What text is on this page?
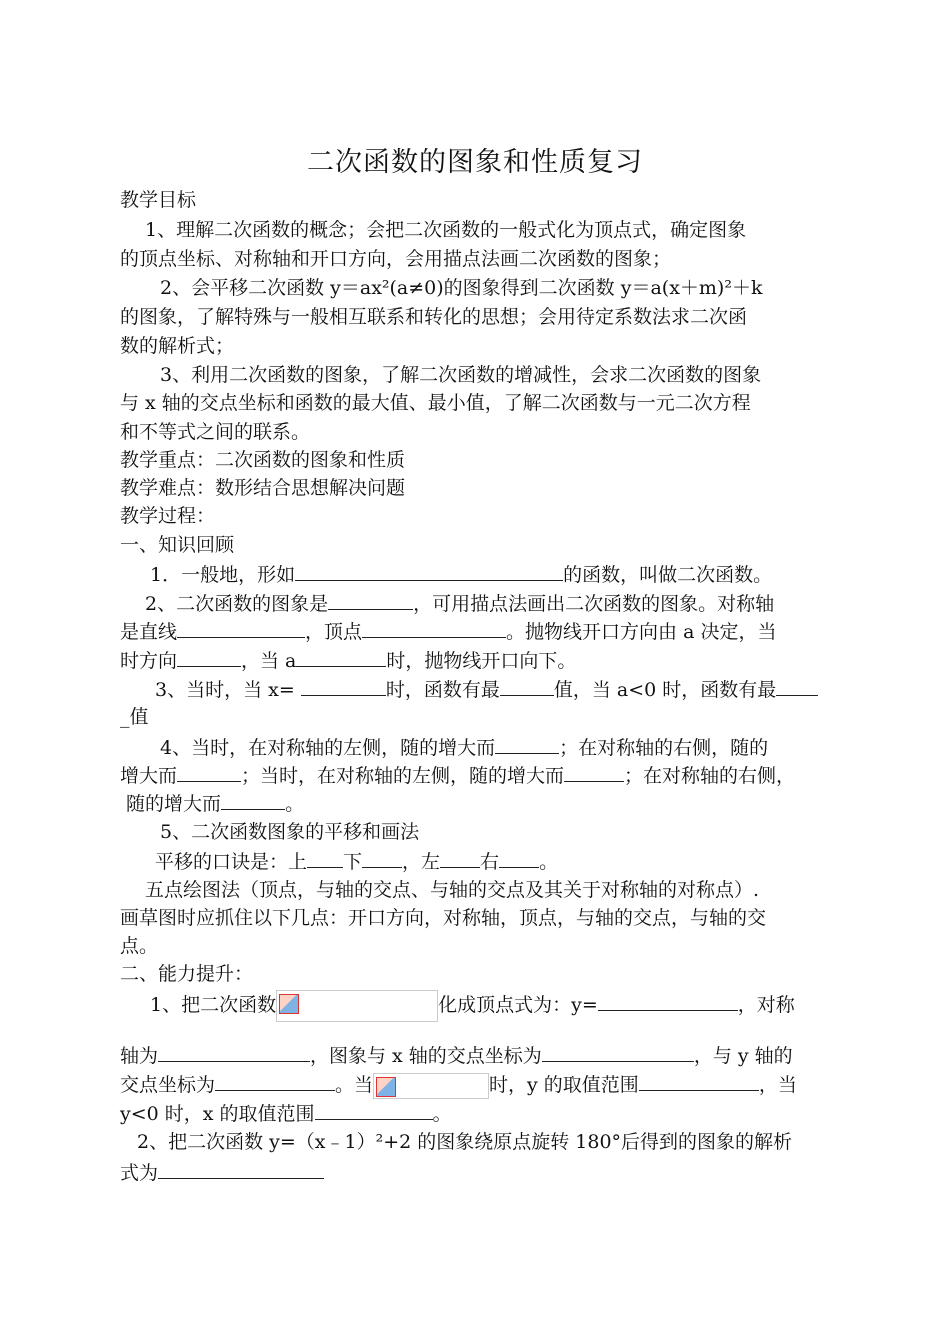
二次函数的图象和性质复习
教学目标
1、理解二次函数的概念；会把二次函数的一般式化为顶点式，确定图象
的顶点坐标、对称轴和开口方向，会用描点法画二次函数的图象；
2、会平移二次函数 y＝ax²(a≠0)的图象得到二次函数 y＝a(x＋m)²＋k
的图象，了解特殊与一般相互联系和转化的思想；会用待定系数法求二次函
数的解析式；
3、利用二次函数的图象，了解二次函数的增减性，会求二次函数的图象
与 x 轴的交点坐标和函数的最大值、最小值，了解二次函数与一元二次方程
和不等式之间的联系。
教学重点：二次函数的图象和性质
教学难点：数形结合思想解决问题
教学过程：
一、知识回顾
1．一般地，形如	的函数，叫做二次函数。
2、二次函数的图象是	，可用描点法画出二次函数的图象。对称轴
是直线	，顶点	。抛物线开口方向由 a 决定，当
时方向	，当 a	时，抛物线开口向下。
3、当时，当 x=	时，函数有最	值，当 a<0 时，函数有最
_值
4、当时，在对称轴的左侧，随的增大而	；在对称轴的右侧，随的
增大而	；当时，在对称轴的左侧，随的增大而	；在对称轴的右侧，
随的增大而	。
5、二次函数图象的平移和画法
平移的口诀是：上 下 ，左 右 。
五点绘图法（顶点，与轴的交点、与轴的交点及其关于对称轴的对称点）.
画草图时应抓住以下几点：开口方向，对称轴，顶点，与轴的交点，与轴的交
点。
二、能力提升：
1、把二次函数	化成顶点式为：y=	，对称
轴为	，图象与 x 轴的交点坐标为	，与 y 轴的
交点坐标为	。当	时，y 的取值范围	，当
y<0 时，x 的取值范围	。
2、把二次函数 y=（x﹣1）²+2 的图象绕原点旋转 180°后得到的图象的解析
式为
